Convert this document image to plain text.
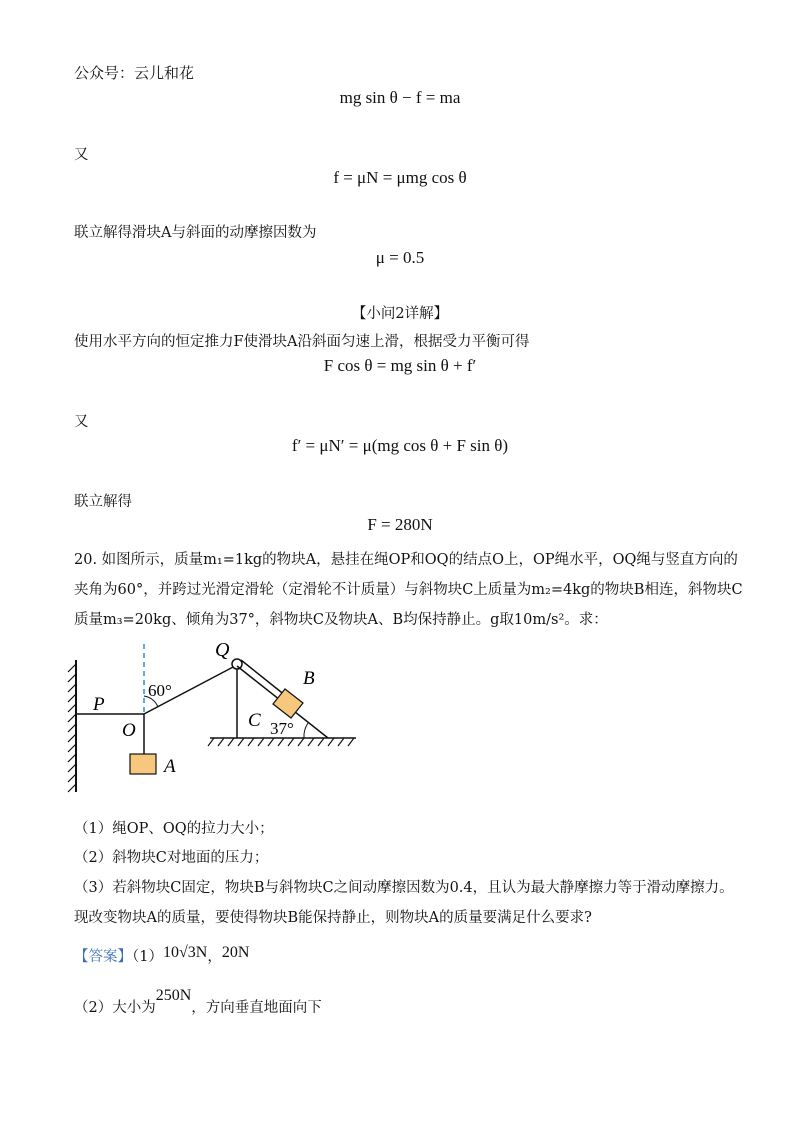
公众号：云儿和花
mg sin θ − f = ma
又
f = μN = μmg cos θ
联立解得滑块A与斜面的动摩擦因数为
μ = 0.5
【小问2详解】
使用水平方向的恒定推力F使滑块A沿斜面匀速上滑，根据受力平衡可得
F cos θ = mg sin θ + f′
又
f′ = μN′ = μ(mg cos θ + F sin θ)
联立解得
F = 280N
20. 如图所示，质量m₁=1kg的物块A，悬挂在绳OP和OQ的结点O上，OP绳水平，OQ绳与竖直方向的
夹角为60°，并跨过光滑定滑轮（定滑轮不计质量）与斜物块C上质量为m₂=4kg的物块B相连，斜物块C
质量m₃=20kg、倾角为37°，斜物块C及物块A、B均保持静止。g取10m/s²。求：
Q
B
P
O	C
A
60°
37°
（1）绳OP、OQ的拉力大小；
（2）斜物块C对地面的压力；
（3）若斜物块C固定，物块B与斜物块C之间动摩擦因数为0.4，且认为最大静摩擦力等于滑动摩擦力。
现改变物块A的质量，要使得物块B能保持静止，则物块A的质量要满足什么要求?
【答案】（1）10√3N，20N
（2）大小为250N，方向垂直地面向下
